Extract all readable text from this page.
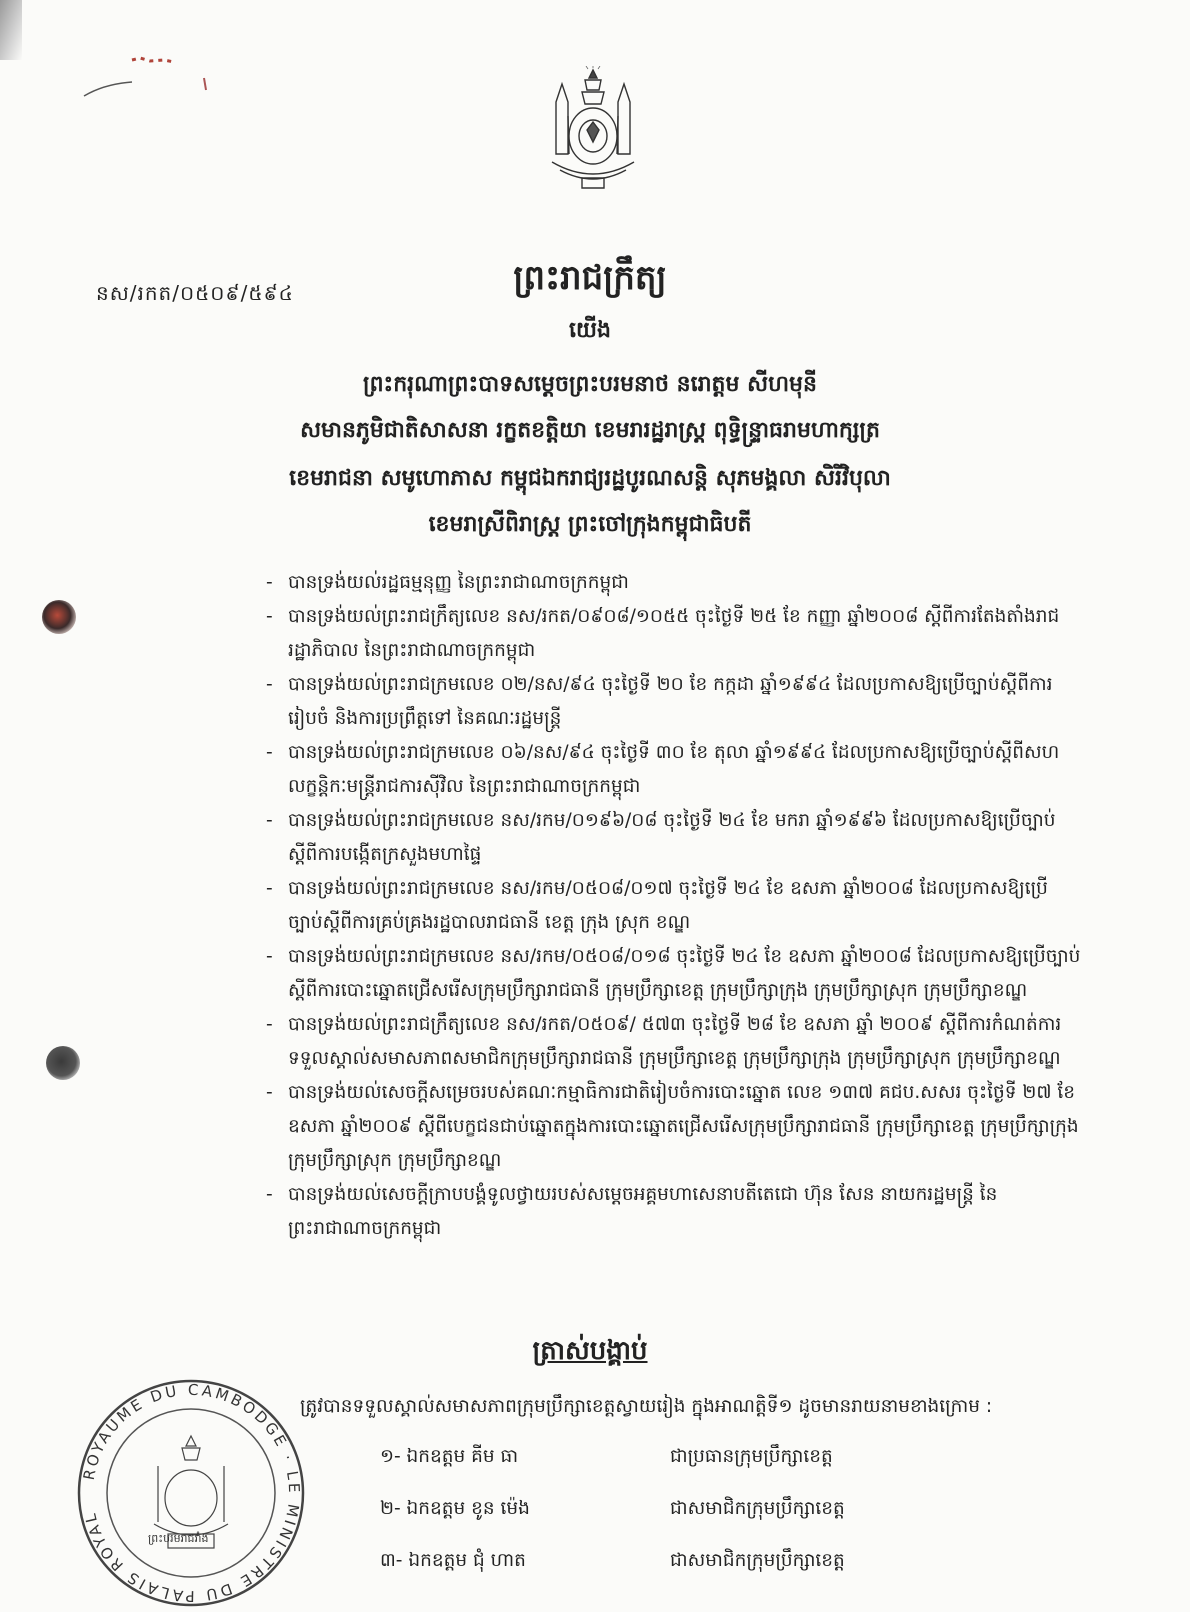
នស/រកត/០៥០៩/៥៩៤	ព្រះរាជក្រឹត្យ
យើង
ព្រះករុណាព្រះបាទសម្ដេចព្រះបរមនាថ នរោត្តម សីហមុនី
សមានភូមិជាតិសាសនា រក្ខតខត្តិយា ខេមរារដ្ឋរាស្ត្រ ពុទ្ធិន្ទ្រាធរាមហាក្សត្រ
ខេមរាជនា សមូហោភាស កម្ពុជឯករាជ្យរដ្ឋបូរណសន្តិ សុភមង្គលា សិរីវិបុលា
ខេមរាស្រីពិរាស្ត្រ ព្រះចៅក្រុងកម្ពុជាធិបតី
- បានទ្រង់យល់រដ្ឋធម្មនុញ្ញ នៃព្រះរាជាណាចក្រកម្ពុជា
- បានទ្រង់យល់ព្រះរាជក្រឹត្យលេខ នស/រកត/០៩០៨/១០៥៥ ចុះថ្ងៃទី ២៥ ខែ កញ្ញា ឆ្នាំ២០០៨ ស្ដីពីការតែងតាំងរាជរដ្ឋាភិបាល នៃព្រះរាជាណាចក្រកម្ពុជា
- បានទ្រង់យល់ព្រះរាជក្រមលេខ ០២/នស/៩៤ ចុះថ្ងៃទី ២០ ខែ កក្កដា ឆ្នាំ១៩៩៤ ដែលប្រកាសឱ្យប្រើច្បាប់ស្ដីពីការរៀបចំ និងការប្រព្រឹត្តទៅ នៃគណៈរដ្ឋមន្ត្រី
- បានទ្រង់យល់ព្រះរាជក្រមលេខ ០៦/នស/៩៤ ចុះថ្ងៃទី ៣០ ខែ តុលា ឆ្នាំ១៩៩៤ ដែលប្រកាសឱ្យប្រើច្បាប់ស្ដីពីសហលក្ខន្តិកៈមន្ត្រីរាជការស៊ីវិល នៃព្រះរាជាណាចក្រកម្ពុជា
- បានទ្រង់យល់ព្រះរាជក្រមលេខ នស/រកម/០១៩៦/០៨ ចុះថ្ងៃទី ២៤ ខែ មករា ឆ្នាំ១៩៩៦ ដែលប្រកាសឱ្យប្រើច្បាប់ស្ដីពីការបង្កើតក្រសួងមហាផ្ទៃ
- បានទ្រង់យល់ព្រះរាជក្រមលេខ នស/រកម/០៥០៨/០១៧ ចុះថ្ងៃទី ២៤ ខែ ឧសភា ឆ្នាំ២០០៨ ដែលប្រកាសឱ្យប្រើច្បាប់ស្ដីពីការគ្រប់គ្រងរដ្ឋបាលរាជធានី ខេត្ត ក្រុង ស្រុក ខណ្ឌ
- បានទ្រង់យល់ព្រះរាជក្រមលេខ នស/រកម/០៥០៨/០១៨ ចុះថ្ងៃទី ២៤ ខែ ឧសភា ឆ្នាំ២០០៨ ដែលប្រកាសឱ្យប្រើច្បាប់ស្ដីពីការបោះឆ្នោតជ្រើសរើសក្រុមប្រឹក្សារាជធានី ក្រុមប្រឹក្សាខេត្ត ក្រុមប្រឹក្សាក្រុង ក្រុមប្រឹក្សាស្រុក ក្រុមប្រឹក្សាខណ្ឌ
- បានទ្រង់យល់ព្រះរាជក្រឹត្យលេខ នស/រកត/០៥០៩/ ៥៧៣ ចុះថ្ងៃទី ២៨ ខែ ឧសភា ឆ្នាំ ២០០៩ ស្ដីពីការកំណត់ការទទួលស្គាល់សមាសភាពសមាជិកក្រុមប្រឹក្សារាជធានី ក្រុមប្រឹក្សាខេត្ត ក្រុមប្រឹក្សាក្រុង ក្រុមប្រឹក្សាស្រុក ក្រុមប្រឹក្សាខណ្ឌ
- បានទ្រង់យល់សេចក្ដីសម្រេចរបស់គណៈកម្មាធិការជាតិរៀបចំការបោះឆ្នោត លេខ ១៣៧ គជប.សសរ ចុះថ្ងៃទី ២៧ ខែ ឧសភា ឆ្នាំ២០០៩ ស្ដីពីបេក្ខជនជាប់ឆ្នោតក្នុងការបោះឆ្នោតជ្រើសរើសក្រុមប្រឹក្សារាជធានី ក្រុមប្រឹក្សាខេត្ត ក្រុមប្រឹក្សាក្រុង ក្រុមប្រឹក្សាស្រុក ក្រុមប្រឹក្សាខណ្ឌ
- បានទ្រង់យល់សេចក្ដីក្រាបបង្គំទូលថ្វាយរបស់សម្ដេចអគ្គមហាសេនាបតីតេជោ ហ៊ុន សែន នាយករដ្ឋមន្ត្រី នៃព្រះរាជាណាចក្រកម្ពុជា
ត្រាស់បង្គាប់
ត្រូវបានទទួលស្គាល់សមាសភាពក្រុមប្រឹក្សាខេត្តស្វាយរៀង ក្នុងអាណត្តិទី១ ដូចមានរាយនាមខាងក្រោម :
១- ឯកឧត្តម គីម ធា	ជាប្រធានក្រុមប្រឹក្សាខេត្ត
២- ឯកឧត្តម ខូន ម៉េង	ជាសមាជិកក្រុមប្រឹក្សាខេត្ត
៣- ឯកឧត្តម ជុំ ហាត	ជាសមាជិកក្រុមប្រឹក្សាខេត្ត
ROYAUME DU CAMBODGE · LE MINISTRE DU PALAIS ROYAL
ព្រះបរមរាជវាំង
